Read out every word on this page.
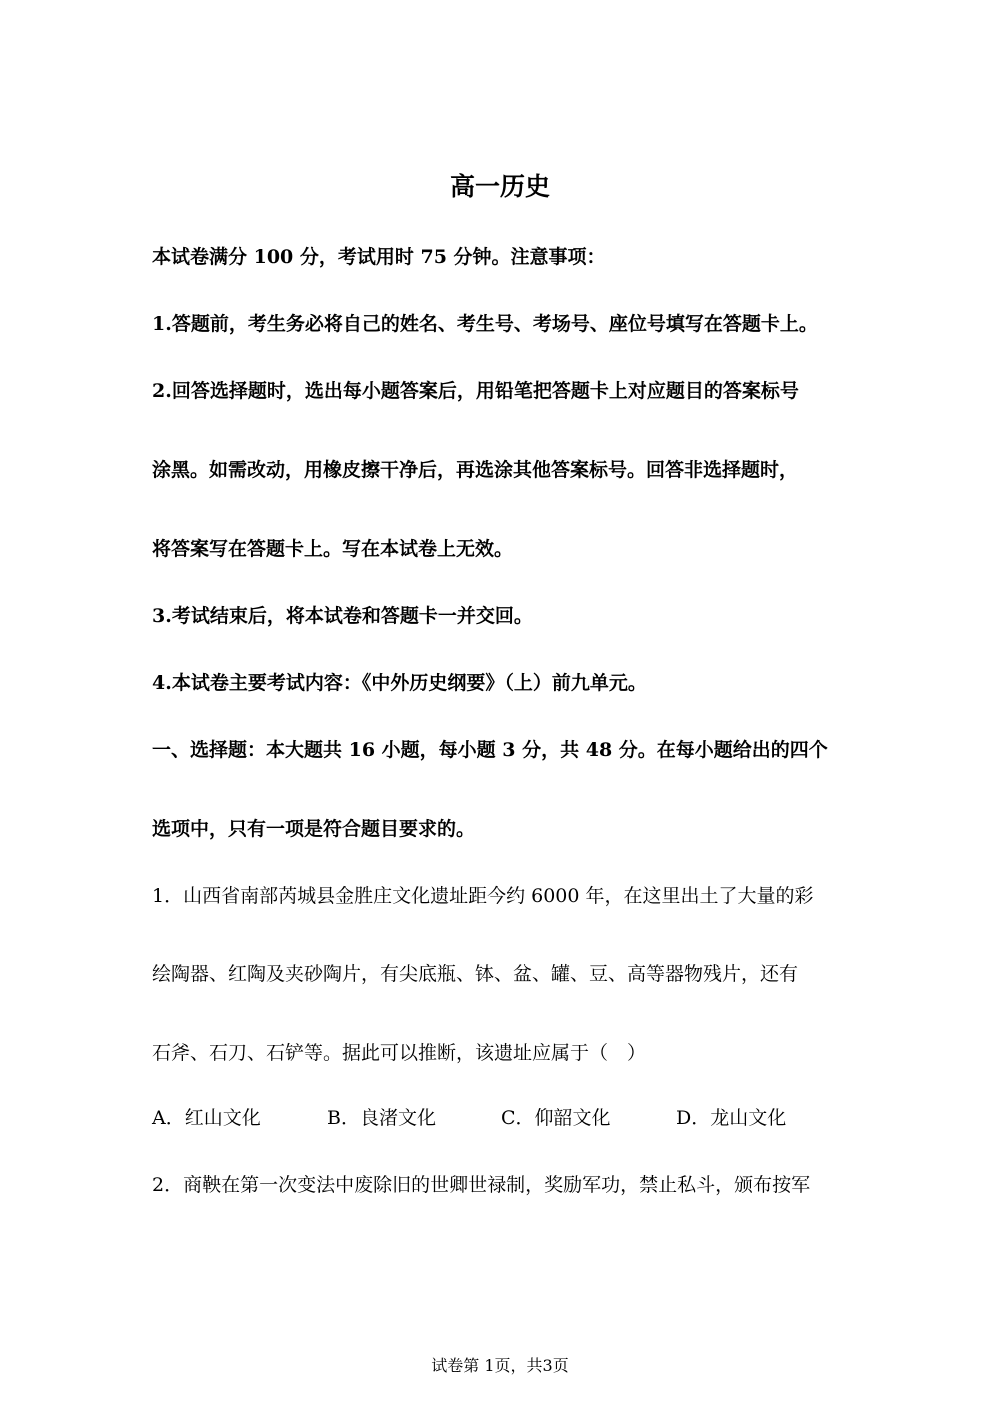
高一历史
本试卷满分 100 分，考试用时 75 分钟。注意事项：
1.答题前，考生务必将自己的姓名、考生号、考场号、座位号填写在答题卡上。
2.回答选择题时，选出每小题答案后，用铅笔把答题卡上对应题目的答案标号
涂黑。如需改动，用橡皮擦干净后，再选涂其他答案标号。回答非选择题时，
将答案写在答题卡上。写在本试卷上无效。
3.考试结束后，将本试卷和答题卡一并交回。
4.本试卷主要考试内容：《中外历史纲要》（上）前九单元。
一、选择题：本大题共 16 小题，每小题 3 分，共 48 分。在每小题给出的四个
选项中，只有一项是符合题目要求的。
1．山西省南部芮城县金胜庄文化遗址距今约 6000 年，在这里出土了大量的彩
绘陶器、红陶及夹砂陶片，有尖底瓶、钵、盆、罐、豆、高等器物残片，还有
石斧、石刀、石铲等。据此可以推断，该遗址应属于（　）
A．红山文化	B．良渚文化	C．仰韶文化	D．龙山文化
2．商鞅在第一次变法中废除旧的世卿世禄制，奖励军功，禁止私斗，颁布按军
试卷第 1页，共3页
